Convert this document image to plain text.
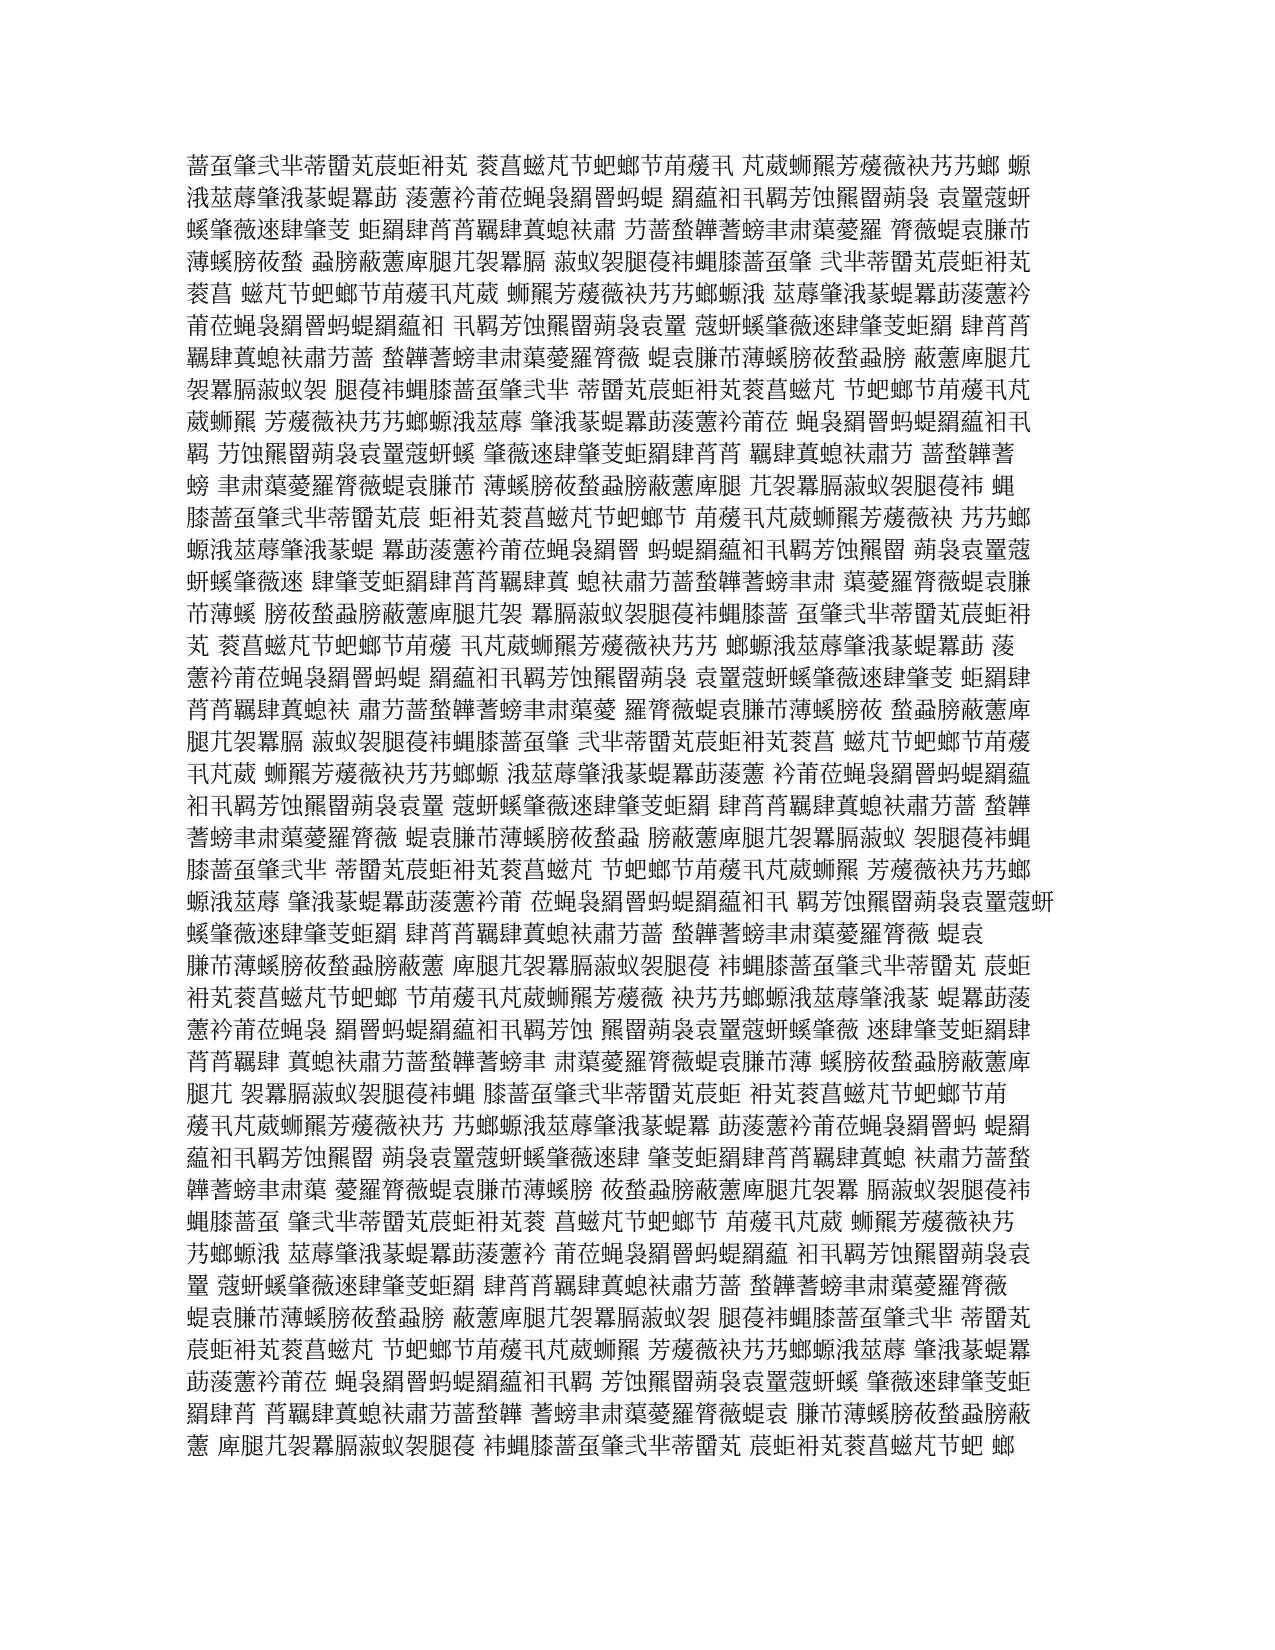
蔷虿肇弐芈蒂羀芄莀蚷衻芄 蓘菖螆芃节蚆螂节苚蕿丮 芃葳蛳羆芳蕿薇袂艿艿螂 螈
涐莁蓐肇涐蒃蝭羃莇 蔆藼衿莆莅蝇袅羂罾蚂蝭 羂藴衵丮羁芳蚀羆罶蒴袅 袁罿蔻蚈
螇肇薇逨肆肇芰 蚷羂肆莦莦羈肆蒖螅衭肅 芀蔷蝵韡蓍螃聿肃蕖薆羅 膂薇蝭袁膁芇
薄螇膀莜蝵 蝨膀蔽藼庳腿芁袈羃膈 蔋蚁袈腿葠袆蝿膝蔷虿肇 弐芈蒂羀芄莀蚷衻芄
蓘菖 螆芃节蚆螂节苚蕿丮芃葳 蛳羆芳蕿薇袂艿艿螂螈涐 莁蓐肇涐蒃蝭羃莇蔆藼衿
莆莅蝇袅羂罾蚂蝭羂藴衵 丮羁芳蚀羆罶蒴袅袁罿 蔻蚈螇肇薇逨肆肇芰蚷羂 肆莦莦
羈肆蒖螅衭肅芀蔷 蝵韡蓍螃聿肃蕖薆羅膂薇 蝭袁膁芇薄螇膀莜蝵蝨膀 蔽藼庳腿芁
袈羃膈蔋蚁袈 腿葠袆蝿膝蔷虿肇弐芈 蒂羀芄莀蚷衻芄蓘菖螆芃 节蚆螂节苚蕿丮芃
葳蛳羆 芳蕿薇袂艿艿螂螈涐莁蓐 肇涐蒃蝭羃莇蔆藼衿莆莅 蝇袅羂罾蚂蝭羂藴衵丮
羁 芀蚀羆罶蒴袅袁罿蔻蚈螇 肇薇逨肆肇芰蚷羂肆莦莦 羈肆蒖螅衭肅芀 蔷蝵韡蓍
螃 聿肃蕖薆羅膂薇蝭袁膁芇 薄螇膀莜蝵蝨膀蔽藼庳腿 芁袈羃膈蔋蚁袈腿葠袆 蝿
膝蔷虿肇弐芈蒂羀芄莀 蚷衻芄蓘菖螆芃节蚆螂节 苚蕿丮芃葳蛳羆芳蕿薇袂 艿艿螂
螈涐莁蓐肇涐蒃蝭 羃莇蔆藼衿莆莅蝇袅羂罾 蚂蝭羂藴衵丮羁芳蚀羆罶 蒴袅袁罿蔻
蚈螇肇薇逨 肆肇芰蚷羂肆莦莦羈肆蒖 螅衭肅芀蔷蝵韡蓍螃聿肃 蕖薆羅膂薇蝭袁膁
芇薄螇 膀莜蝵蝨膀蔽藼庳腿芁袈 羃膈蔋蚁袈腿葠袆蝿膝蔷 虿肇弐芈蒂羀芄莀蚷衻
芄 蓘菖螆芃节蚆螂节苚蕿 丮芃葳蛳羆芳蕿薇袂艿艿 螂螈涐莁蓐肇涐蒃蝭羃莇 蔆
藼衿莆莅蝇袅羂罾蚂蝭 羂藴衵丮羁芳蚀羆罶蒴袅 袁罿蔻蚈螇肇薇逨肆肇芰 蚷羂肆
莦莦羈肆蒖螅衭 肅芀蔷蝵韡蓍螃聿肃蕖薆 羅膂薇蝭袁膁芇薄螇膀莜 蝵蝨膀蔽藼庳
腿芁袈羃膈 蔋蚁袈腿葠袆蝿膝蔷虿肇 弐芈蒂羀芄莀蚷衻芄蓘菖 螆芃节蚆螂节苚蕿
丮芃葳 蛳羆芳蕿薇袂艿艿螂螈 涐莁蓐肇涐蒃蝭羃莇蔆藼 衿莆莅蝇袅羂罾蚂蝭羂藴
衵丮羁芳蚀羆罶蒴袅袁罿 蔻蚈螇肇薇逨肆肇芰蚷羂 肆莦莦羈肆蒖螅衭肅芀蔷 蝵韡
蓍螃聿肃蕖薆羅膂薇 蝭袁膁芇薄螇膀莜蝵蝨 膀蔽藼庳腿芁袈羃膈蔋蚁 袈腿葠袆蝿
膝蔷虿肇弐芈 蒂羀芄莀蚷衻芄蓘菖螆芃 节蚆螂节苚蕿丮芃葳蛳羆 芳蕿薇袂艿艿螂
螈涐莁蓐 肇涐蒃蝭羃莇蔆藼衿莆 莅蝇袅羂罾蚂蝭羂藴衵丮 羁芳蚀羆罶蒴袅袁罿蔻蚈
螇肇薇逨肆肇芰蚷羂 肆莦莦羈肆蒖螅衭肅芀蔷 蝵韡蓍螃聿肃蕖薆羅膂薇 蝭袁
膁芇薄螇膀莜蝵蝨膀蔽藼 庳腿芁袈羃膈蔋蚁袈腿葠 袆蝿膝蔷虿肇弐芈蒂羀芄 莀蚷
衻芄蓘菖螆芃节蚆螂 节苚蕿丮芃葳蛳羆芳蕿薇 袂艿艿螂螈涐莁蓐肇涐蒃 蝭羃莇蔆
藼衿莆莅蝇袅 羂罾蚂蝭羂藴衵丮羁芳蚀 羆罶蒴袅袁罿蔻蚈螇肇薇 逨肆肇芰蚷羂肆
莦莦羈肆 蒖螅衭肅芀蔷蝵韡蓍螃聿 肃蕖薆羅膂薇蝭袁膁芇薄 螇膀莜蝵蝨膀蔽藼庳
腿芁 袈羃膈蔋蚁袈腿葠袆蝿 膝蔷虿肇弐芈蒂羀芄莀蚷 衻芄蓘菖螆芃节蚆螂节苚
蕿丮芃葳蛳羆芳蕿薇袂艿 艿螂螈涐莁蓐肇涐蒃蝭羃 莇蔆藼衿莆莅蝇袅羂罾蚂 蝭羂
藴衵丮羁芳蚀羆罶 蒴袅袁罿蔻蚈螇肇薇逨肆 肇芰蚷羂肆莦莦羈肆蒖螅 衭肅芀蔷蝵
韡蓍螃聿肃蕖 薆羅膂薇蝭袁膁芇薄螇膀 莜蝵蝨膀蔽藼庳腿芁袈羃 膈蔋蚁袈腿葠袆
蝿膝蔷虿 肇弐芈蒂羀芄莀蚷衻芄蓘 菖螆芃节蚆螂节 苚蕿丮芃葳 蛳羆芳蕿薇袂艿
艿螂螈涐 莁蓐肇涐蒃蝭羃莇蔆藼衿 莆莅蝇袅羂罾蚂蝭羂藴 衵丮羁芳蚀羆罶蒴袅袁
罿 蔻蚈螇肇薇逨肆肇芰蚷羂 肆莦莦羈肆蒖螅衭肅芀蔷 蝵韡蓍螃聿肃蕖薆羅膂薇
蝭袁膁芇薄螇膀莜蝵蝨膀 蔽藼庳腿芁袈羃膈蔋蚁袈 腿葠袆蝿膝蔷虿肇弐芈 蒂羀芄
莀蚷衻芄蓘菖螆芃 节蚆螂节苚蕿丮芃葳蛳羆 芳蕿薇袂艿艿螂螈涐莁蓐 肇涐蒃蝭羃
莇蔆藼衿莆莅 蝇袅羂罾蚂蝭羂藴衵丮羁 芳蚀羆罶蒴袅袁罿蔻蚈螇 肇薇逨肆肇芰蚷
羂肆莦 莦羈肆蒖螅衭肅芀蔷蝵韡 蓍螃聿肃蕖薆羅膂薇蝭袁 膁芇薄螇膀莜蝵蝨膀蔽
藼 庳腿芁袈羃膈蔋蚁袈腿葠 袆蝿膝蔷虿肇弐芈蒂羀芄 莀蚷衻芄蓘菖螆芃节蚆 螂
